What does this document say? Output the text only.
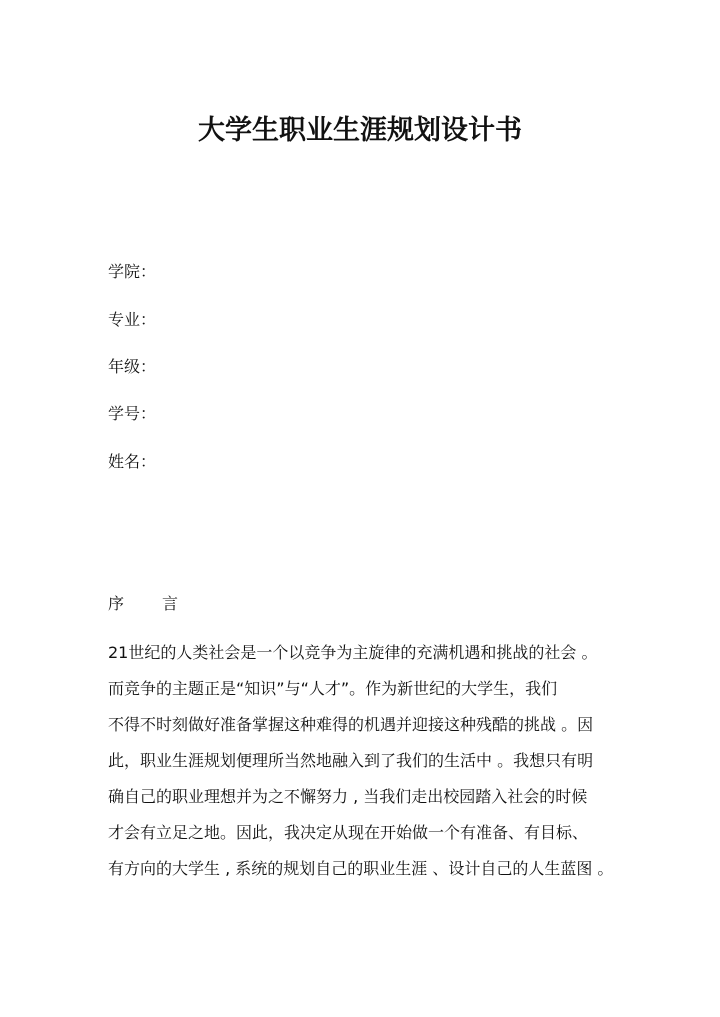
大学生职业生涯规划设计书
学院：
专业：
年级：
学号：
姓名：
序 言
21世纪的人类社会是一个以竞争为主旋律的充满机遇和挑战的社会 。
而竞争的主题正是“知识”与“人才”。作为新世纪的大学生，我们
不得不时刻做好准备掌握这种难得的机遇并迎接这种残酷的挑战 。因
此，职业生涯规划便理所当然地融入到了我们的生活中 。我想只有明
确自己的职业理想并为之不懈努力 , 当我们走出校园踏入社会的时候
才会有立足之地。因此，我决定从现在开始做一个有准备、有目标、
有方向的大学生 , 系统的规划自己的职业生涯 、设计自己的人生蓝图 。
